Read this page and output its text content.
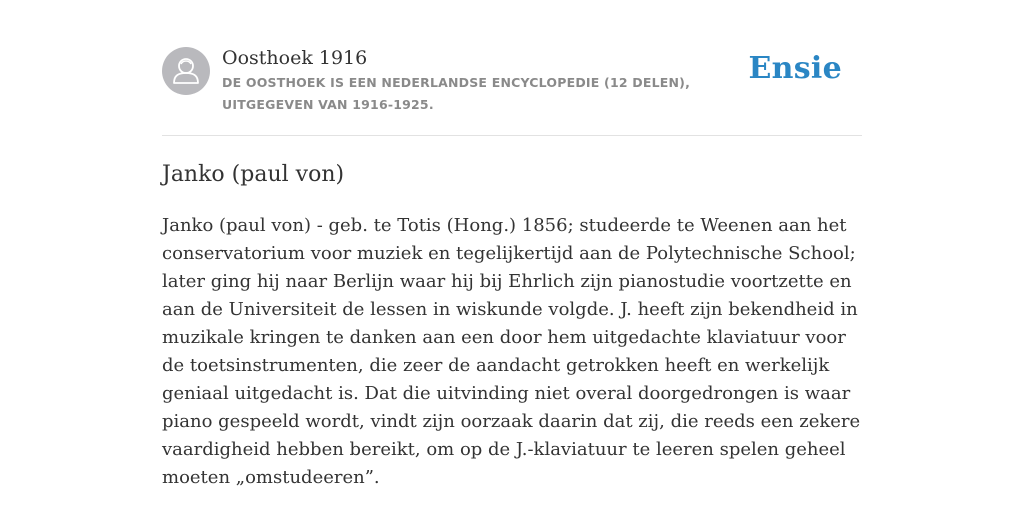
Oosthoek 1916
DE OOSTHOEK IS EEN NEDERLANDSE ENCYCLOPEDIE (12 DELEN), UITGEGEVEN VAN 1916-1925.
Ensie
Janko (paul von)

Janko (paul von) - geb. te Totis (Hong.) 1856; studeerde te Weenen aan het conservatorium voor muziek en tegelijkertijd aan de Polytechnische School; later ging hij naar Berlijn waar hij bij Ehrlich zijn pianostudie voortzette en aan de Universiteit de lessen in wiskunde volgde. J. heeft zijn bekendheid in muzikale kringen te danken aan een door hem uitgedachte klaviatuur voor de toetsinstrumenten, die zeer de aandacht getrokken heeft en werkelijk geniaal uitgedacht is. Dat die uitvinding niet overal doorgedrongen is waar piano gespeeld wordt, vindt zijn oorzaak daarin dat zij, die reeds een zekere vaardigheid hebben bereikt, om op de J.-klaviatuur te leeren spelen geheel moeten „omstudeeren”.
